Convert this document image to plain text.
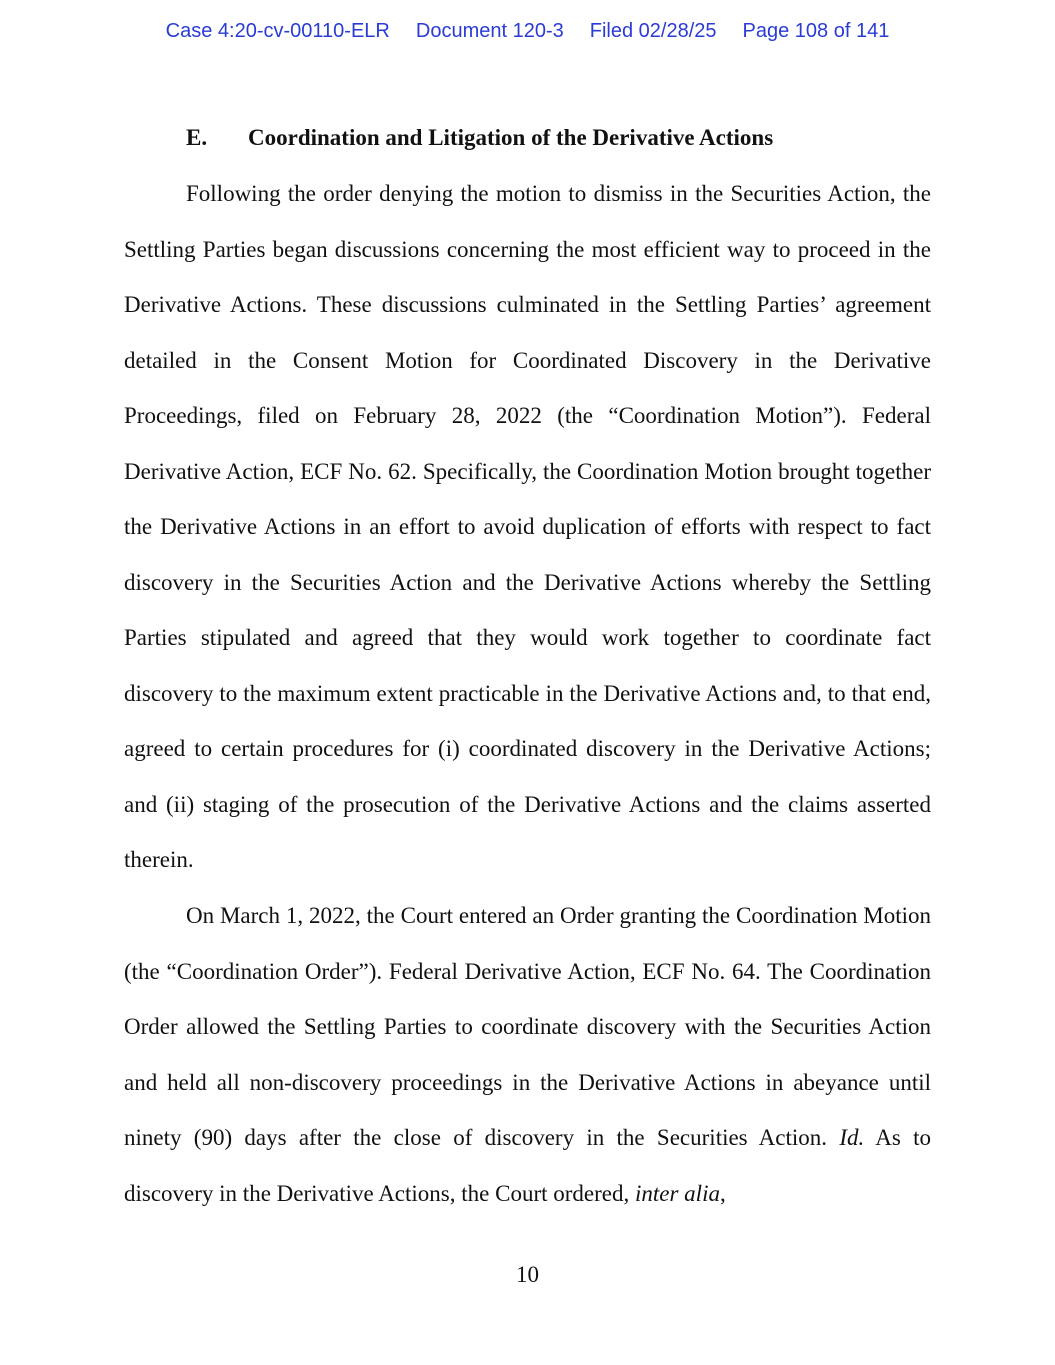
Case 4:20-cv-00110-ELR Document 120-3 Filed 02/28/25 Page 108 of 141
E. Coordination and Litigation of the Derivative Actions

Following the order denying the motion to dismiss in the Securities Action, the Settling Parties began discussions concerning the most efficient way to proceed in the Derivative Actions. These discussions culminated in the Settling Parties’ agreement detailed in the Consent Motion for Coordinated Discovery in the Derivative Proceedings, filed on February 28, 2022 (the “Coordination Motion”). Federal Derivative Action, ECF No. 62. Specifically, the Coordination Motion brought together the Derivative Actions in an effort to avoid duplication of efforts with respect to fact discovery in the Securities Action and the Derivative Actions whereby the Settling Parties stipulated and agreed that they would work together to coordinate fact discovery to the maximum extent practicable in the Derivative Actions and, to that end, agreed to certain procedures for (i) coordinated discovery in the Derivative Actions; and (ii) staging of the prosecution of the Derivative Actions and the claims asserted therein.

On March 1, 2022, the Court entered an Order granting the Coordination Motion (the “Coordination Order”). Federal Derivative Action, ECF No. 64. The Coordination Order allowed the Settling Parties to coordinate discovery with the Securities Action and held all non-discovery proceedings in the Derivative Actions in abeyance until ninety (90) days after the close of discovery in the Securities Action. Id. As to discovery in the Derivative Actions, the Court ordered, inter alia,

10
